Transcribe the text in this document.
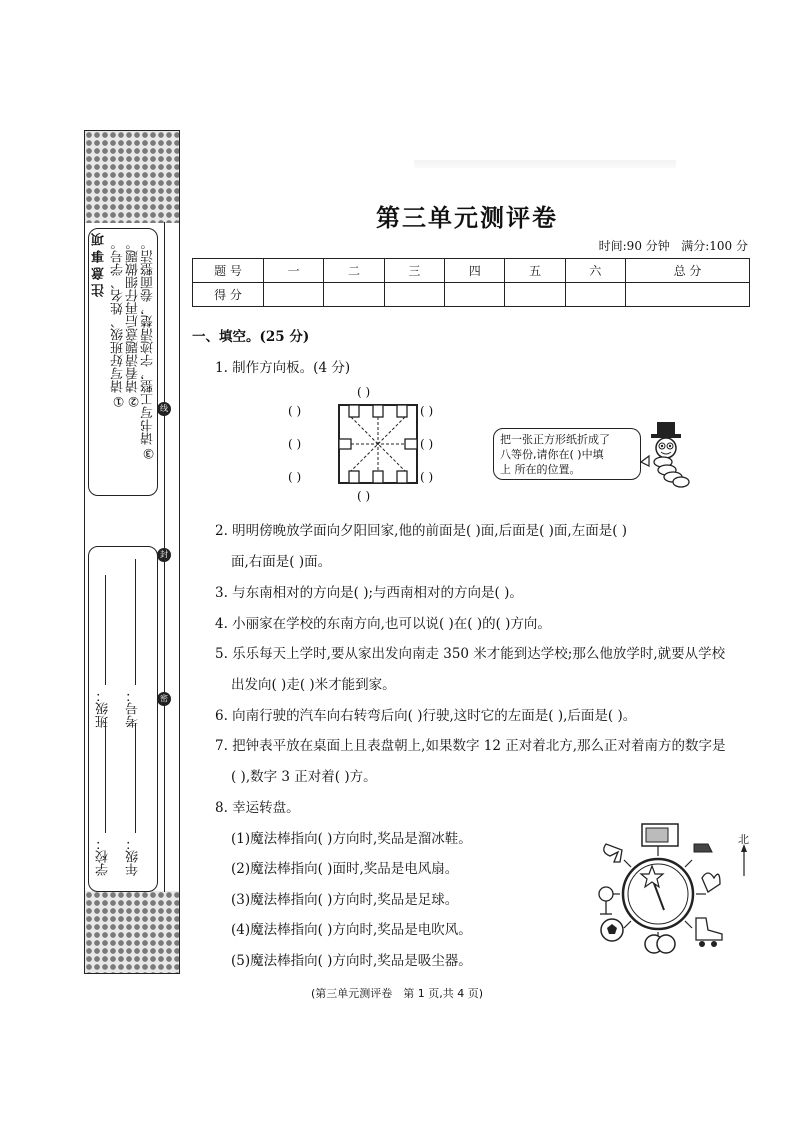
注意事项 ①请写好班级、姓名、学号。 ②请看清题意后再仔细做题。 ③请书写工整，字迹清楚，卷面整洁。 线
封
密
班级： 考号：
学校： 年级：
第三单元测评卷
时间:90 分钟 满分:100 分
题 号	一	二	三	四	五	六	总 分
得 分							
一、填空。(25 分)
1. 制作方向板。(4 分)
( )
( )	( )
( )	( )
( )	( )
( )
把一张正方形纸折成了
八等份,请你在( )中填
上 所在的位置。
2. 明明傍晚放学面向夕阳回家,他的前面是( )面,后面是( )面,左面是( )
面,右面是( )面。
3. 与东南相对的方向是( );与西南相对的方向是( )。
4. 小丽家在学校的东南方向,也可以说( )在( )的( )方向。
5. 乐乐每天上学时,要从家出发向南走 350 米才能到达学校;那么他放学时,就要从学校
出发向( )走( )米才能到家。
6. 向南行驶的汽车向右转弯后向( )行驶,这时它的左面是( ),后面是( )。
7. 把钟表平放在桌面上且表盘朝上,如果数字 12 正对着北方,那么正对着南方的数字是
( ),数字 3 正对着( )方。
8. 幸运转盘。
(1)魔法棒指向( )方向时,奖品是溜冰鞋。
(2)魔法棒指向( )面时,奖品是电风扇。
(3)魔法棒指向( )方向时,奖品是足球。
(4)魔法棒指向( )方向时,奖品是电吹风。
(5)魔法棒指向( )方向时,奖品是吸尘器。
北
(第三单元测评卷　第 1 页,共 4 页)
